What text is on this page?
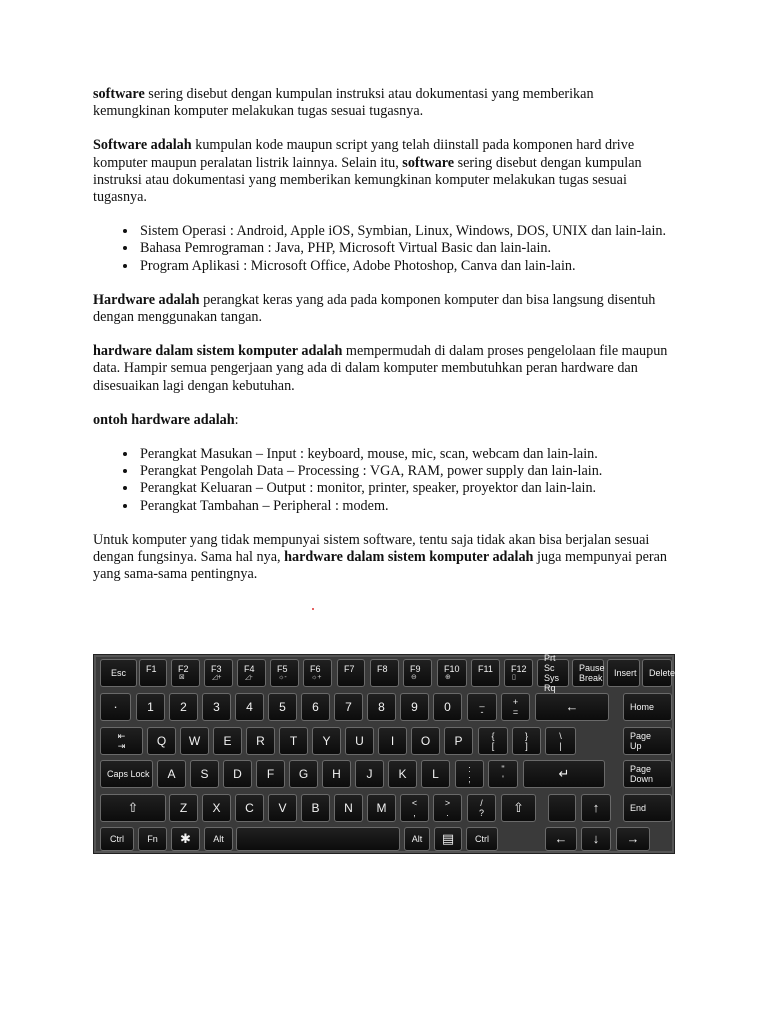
software sering disebut dengan kumpulan instruksi atau dokumentasi yang memberikan kemungkinan komputer melakukan tugas sesuai tugasnya.

Software adalah kumpulan kode maupun script yang telah diinstall pada komponen hard drive komputer maupun peralatan listrik lainnya. Selain itu, software sering disebut dengan kumpulan instruksi atau dokumentasi yang memberikan kemungkinan komputer melakukan tugas sesuai tugasnya.

• Sistem Operasi : Android, Apple iOS, Symbian, Linux, Windows, DOS, UNIX dan lain-lain.
• Bahasa Pemrograman : Java, PHP, Microsoft Virtual Basic dan lain-lain.
• Program Aplikasi : Microsoft Office, Adobe Photoshop, Canva dan lain-lain.

Hardware adalah perangkat keras yang ada pada komponen komputer dan bisa langsung disentuh dengan menggunakan tangan.

hardware dalam sistem komputer adalah mempermudah di dalam proses pengelolaan file maupun data. Hampir semua pengerjaan yang ada di dalam komputer membutuhkan peran hardware dan disesuaikan lagi dengan kebutuhan.

ontoh hardware adalah:

• Perangkat Masukan – Input : keyboard, mouse, mic, scan, webcam dan lain-lain.
• Perangkat Pengolah Data – Processing : VGA, RAM, power supply dan lain-lain.
• Perangkat Keluaran – Output : monitor, printer, speaker, proyektor dan lain-lain.
• Perangkat Tambahan – Peripheral : modem.

Untuk komputer yang tidak mempunyai sistem software, tentu saja tidak akan bisa berjalan sesuai dengan fungsinya. Sama hal nya, hardware dalam sistem komputer adalah juga mempunyai peran yang sama-sama pentingnya.

Esc	F1 F2
⊠
F3
◿+
F4
◿-
F5
☼-
F6
☼+
F7 F8 F9
⊖
F10
⊕
F11 F12
▯
Prt Sc
Sys Rq
Pause
Break	Insert	Delete
·	1	2	3	4	5	6	7	8	9	0	_
-
+
=	←	Home
⇤
⇥	Q	W	E	R	T	Y	U	I	O	P	{
[
}
]
\
|
Page
Up
Caps Lock	A	S	D	F	G	H	J	K	L	:
;
"
'	↵	Page
Down
⇧	Z	X	C	V	B	N	M	<
,
>
.
/
?	⇧	↑	End
Ctrl	Fn	✱	Alt	Alt	▤	Ctrl	←	↓	→
